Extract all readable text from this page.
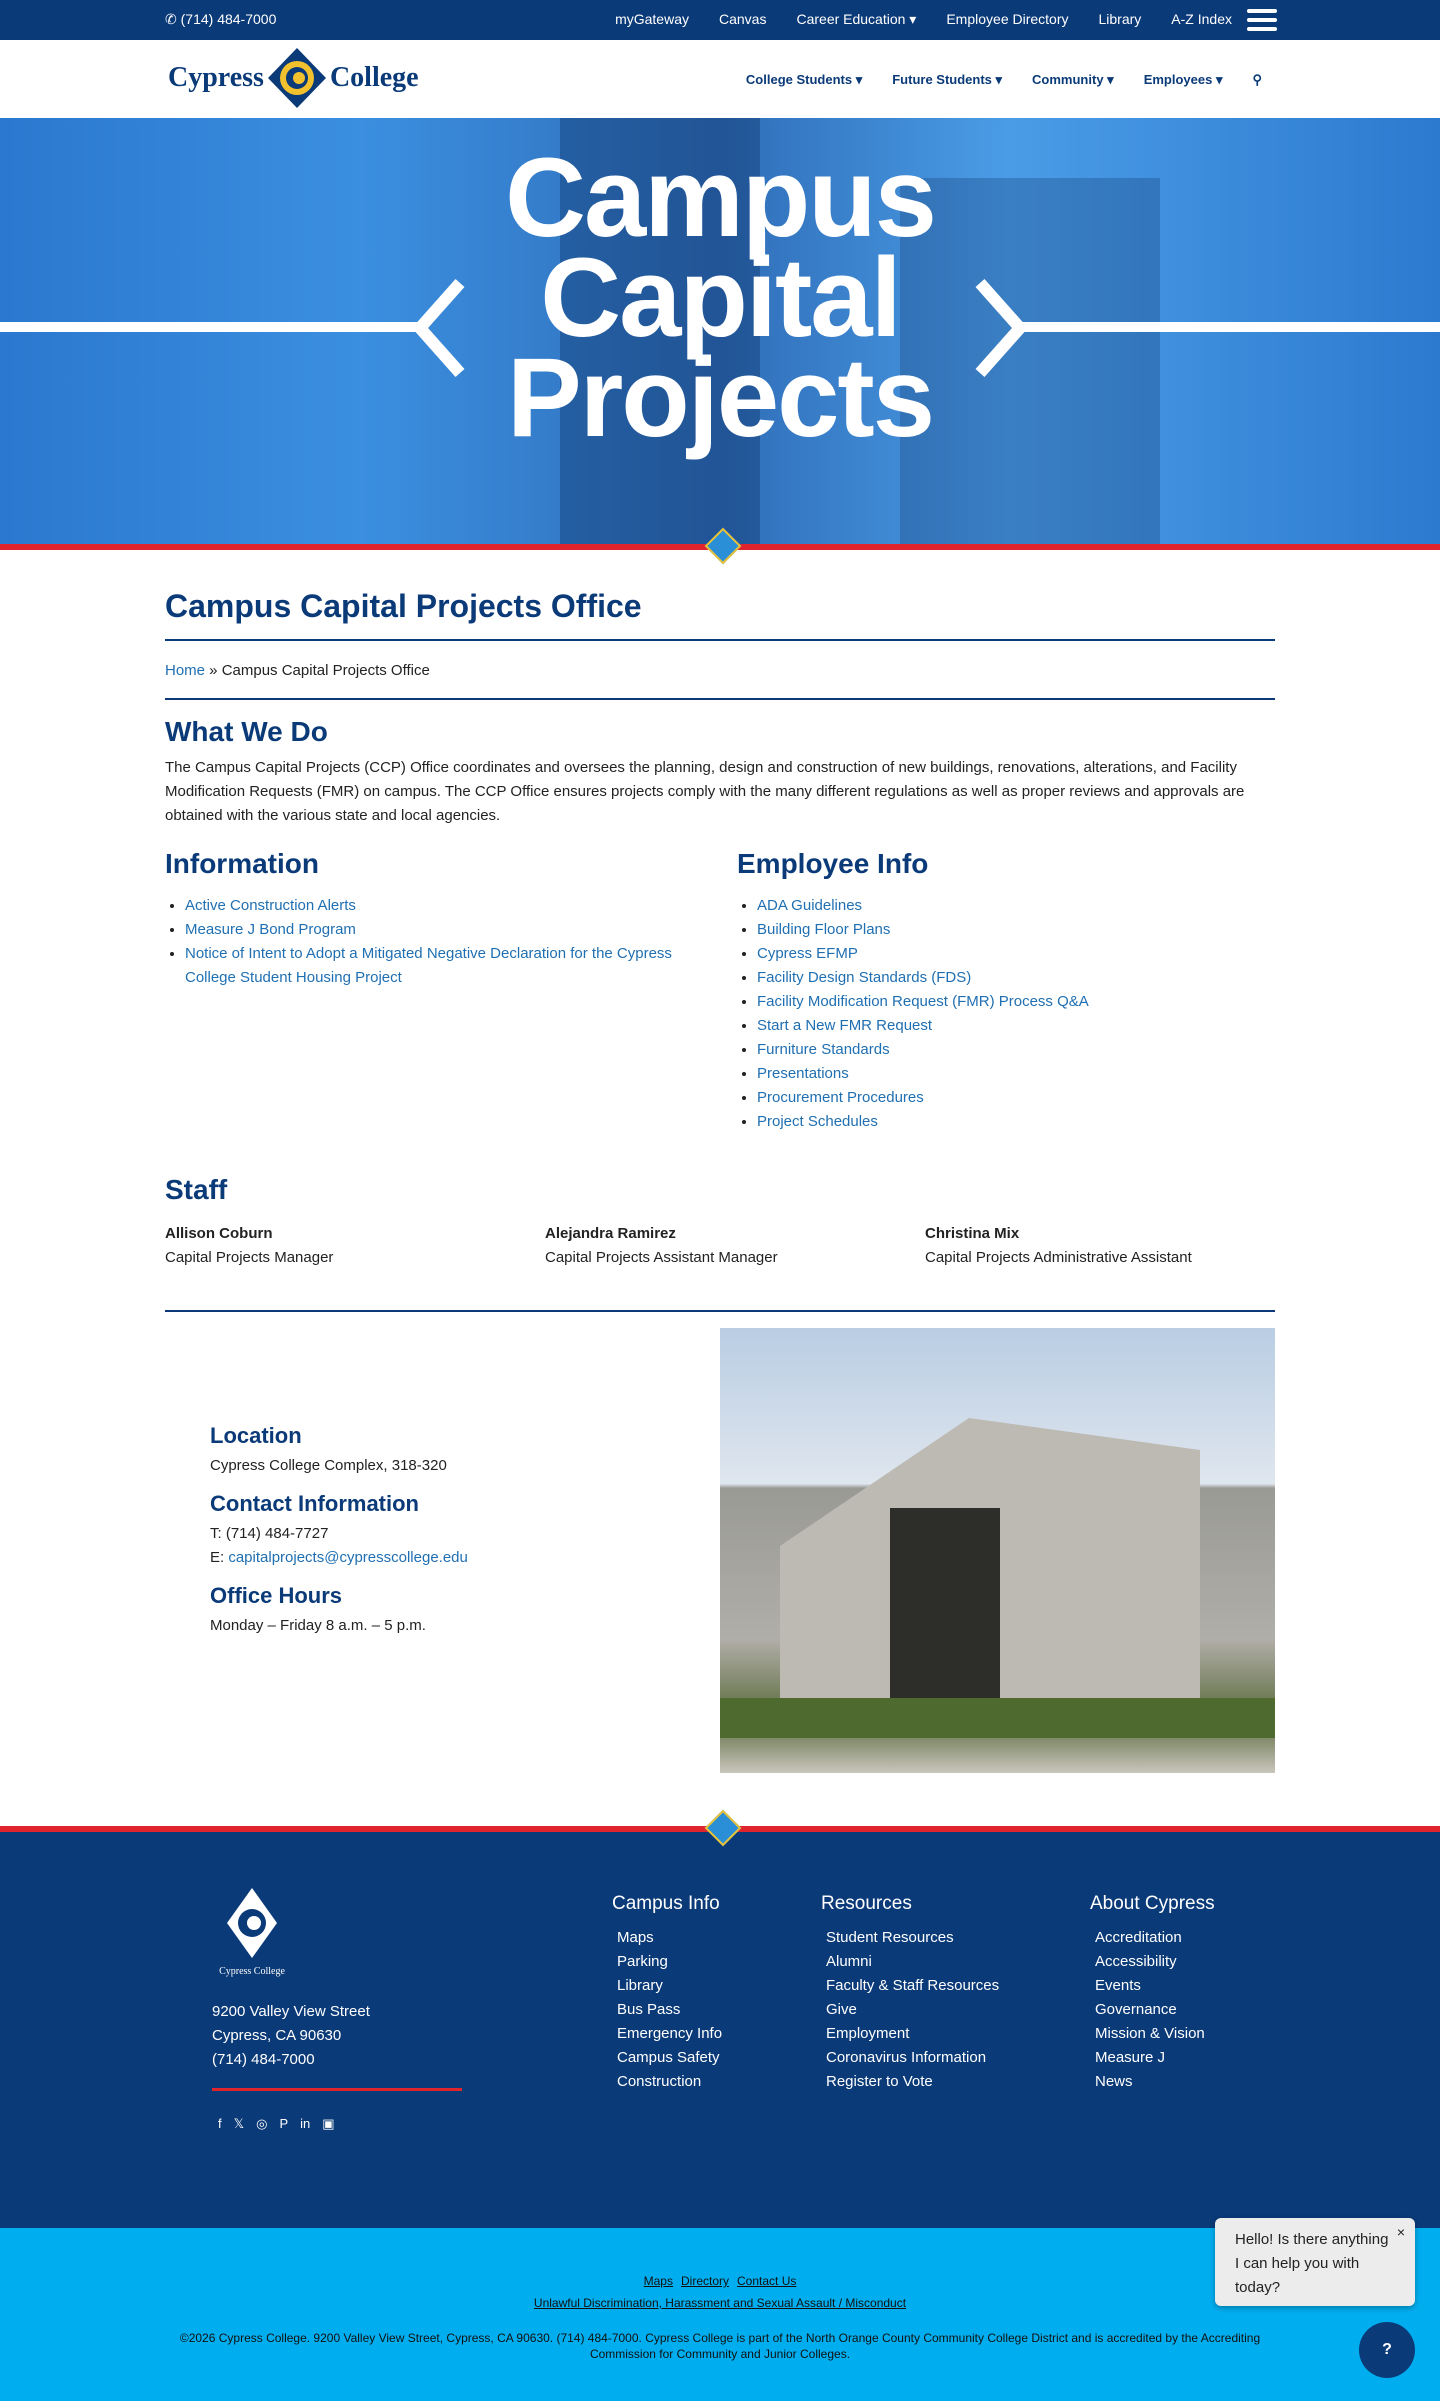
✆ (714) 484-7000	myGateway Canvas Career Education ▾ Employee Directory Library A-Z Index
Cypress College	College Students ▾ Future Students ▾ Community ▾ Employees ▾ ⚲
Campus
Capital
Projects
Campus Capital Projects Office
Home » Campus Capital Projects Office
What We Do

The Campus Capital Projects (CCP) Office coordinates and oversees the planning, design and construction of new buildings, renovations, alterations, and Facility Modification Requests (FMR) on campus. The CCP Office ensures projects comply with the many different regulations as well as proper reviews and approvals are obtained with the various state and local agencies.

Information
• Active Construction Alerts
• Measure J Bond Program
• Notice of Intent to Adopt a Mitigated Negative Declaration for the Cypress College Student Housing Project
Employee Info
• ADA Guidelines
• Building Floor Plans
• Cypress EFMP
• Facility Design Standards (FDS)
• Facility Modification Request (FMR) Process Q&A
• Start a New FMR Request
• Furniture Standards
• Presentations
• Procurement Procedures
• Project Schedules
Staff
Allison Coburn
Capital Projects Manager
Alejandra Ramirez
Capital Projects Assistant Manager
Christina Mix
Capital Projects Administrative Assistant
Location
Cypress College Complex, 318-320
Contact Information
T: (714) 484-7727
E: capitalprojects@cypresscollege.edu
Office Hours
Monday – Friday 8 a.m. – 5 p.m.
Cypress College
9200 Valley View Street
Cypress, CA 90630
(714) 484-7000
f 𝕏 ◎ P in ▣
Campus Info
Maps
Parking
Library
Bus Pass
Emergency Info
Campus Safety
Construction
Resources
Student Resources
Alumni
Faculty & Staff Resources
Give
Employment
Coronavirus Information
Register to Vote
About Cypress
Accreditation
Accessibility
Events
Governance
Mission & Vision
Measure J
News
Maps Directory Contact Us
Unlawful Discrimination, Harassment and Sexual Assault / Misconduct
©2026 Cypress College. 9200 Valley View Street, Cypress, CA 90630. (714) 484-7000. Cypress College is part of the North Orange County Community College District and is accredited by the Accrediting Commission for Community and Junior Colleges.
Hello! Is there anything I can help you with today?
×
?
